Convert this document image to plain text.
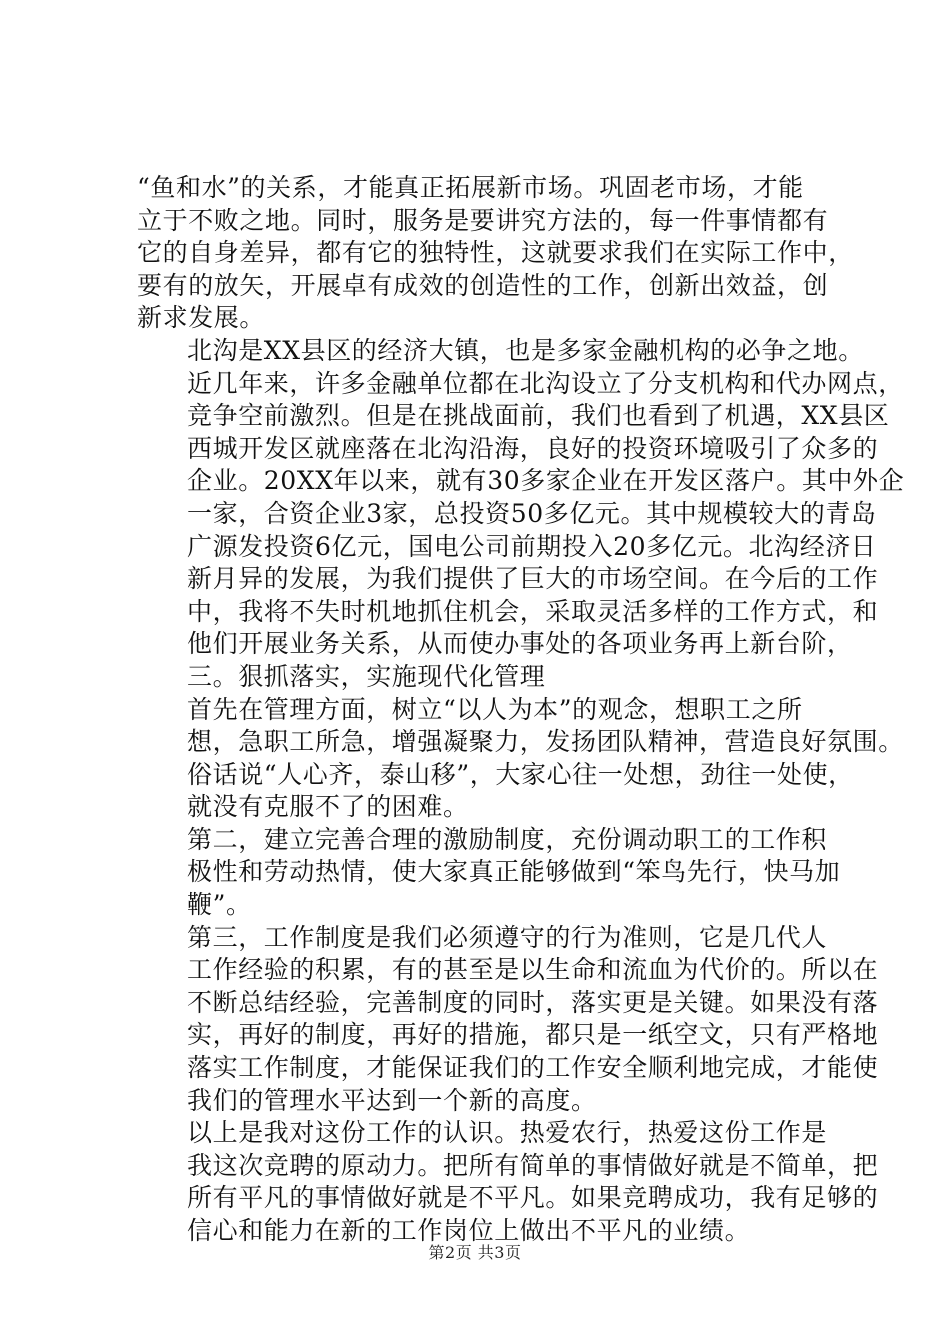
“鱼和水”的关系，才能真正拓展新市场。巩固老市场，才能
立于不败之地。同时，服务是要讲究方法的，每一件事情都有
它的自身差异，都有它的独特性，这就要求我们在实际工作中，
要有的放矢，开展卓有成效的创造性的工作，创新出效益，创
新求发展。

北沟是XX县区的经济大镇，也是多家金融机构的必争之地。
近几年来，许多金融单位都在北沟设立了分支机构和代办网点，
竞争空前激烈。但是在挑战面前，我们也看到了机遇，XX县区
西城开发区就座落在北沟沿海，良好的投资环境吸引了众多的
企业。20XX年以来，就有30多家企业在开发区落户。其中外企
一家，合资企业3家，总投资50多亿元。其中规模较大的青岛
广源发投资6亿元，国电公司前期投入20多亿元。北沟经济日
新月异的发展，为我们提供了巨大的市场空间。在今后的工作
中，我将不失时机地抓住机会，采取灵活多样的工作方式，和
他们开展业务关系，从而使办事处的各项业务再上新台阶，

三。狠抓落实，实施现代化管理

首先在管理方面，树立“以人为本”的观念，想职工之所
想，急职工所急，增强凝聚力，发扬团队精神，营造良好氛围。
俗话说“人心齐，泰山移”，大家心往一处想，劲往一处使，
就没有克服不了的困难。

第二，建立完善合理的激励制度，充份调动职工的工作积
极性和劳动热情，使大家真正能够做到“笨鸟先行，快马加
鞭”。

第三，工作制度是我们必须遵守的行为准则，它是几代人
工作经验的积累，有的甚至是以生命和流血为代价的。所以在
不断总结经验，完善制度的同时，落实更是关键。如果没有落
实，再好的制度，再好的措施，都只是一纸空文，只有严格地
落实工作制度，才能保证我们的工作安全顺利地完成，才能使
我们的管理水平达到一个新的高度。

以上是我对这份工作的认识。热爱农行，热爱这份工作是
我这次竞聘的原动力。把所有简单的事情做好就是不简单，把
所有平凡的事情做好就是不平凡。如果竞聘成功，我有足够的
信心和能力在新的工作岗位上做出不平凡的业绩。

第2页 共3页
